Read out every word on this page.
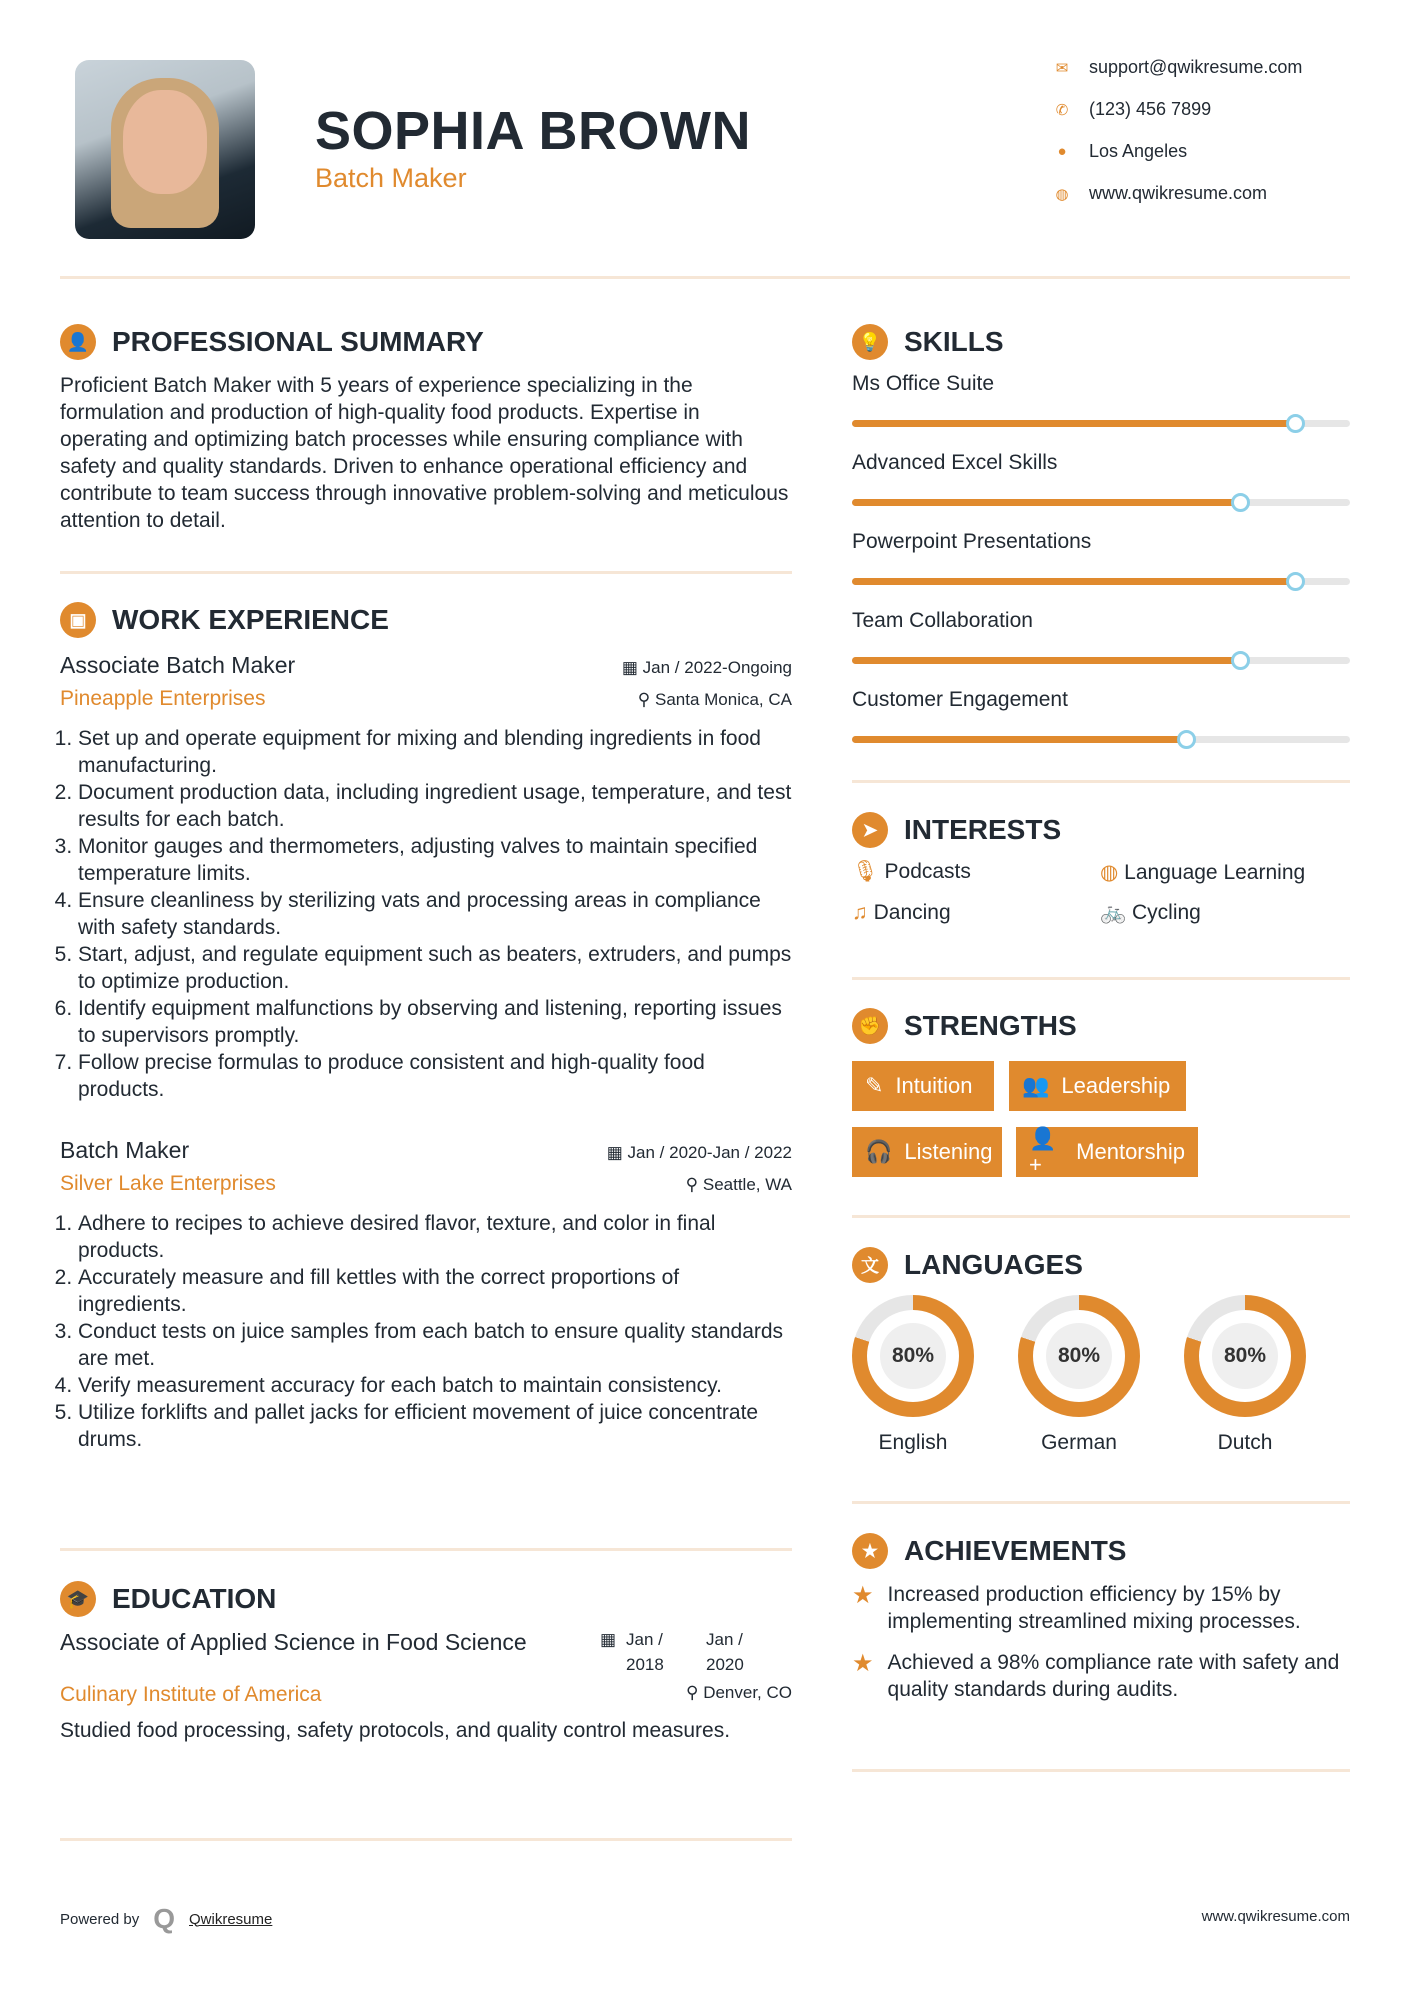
SOPHIA BROWN
Batch Maker
✉ support@qwikresume.com
✆ (123) 456 7899
● Los Angeles
◍ www.qwikresume.com
👤 PROFESSIONAL SUMMARY

Proficient Batch Maker with 5 years of experience specializing in the formulation and production of high-quality food products. Expertise in operating and optimizing batch processes while ensuring compliance with safety and quality standards. Driven to enhance operational efficiency and contribute to team success through innovative problem-solving and meticulous attention to detail.

▣ WORK EXPERIENCE
Associate Batch Maker	▦ Jan / 2022-Ongoing
Pineapple Enterprises	⚲ Santa Monica, CA
1. Set up and operate equipment for mixing and blending ingredients in food manufacturing.
2. Document production data, including ingredient usage, temperature, and test results for each batch.
3. Monitor gauges and thermometers, adjusting valves to maintain specified temperature limits.
4. Ensure cleanliness by sterilizing vats and processing areas in compliance with safety standards.
5. Start, adjust, and regulate equipment such as beaters, extruders, and pumps to optimize production.
6. Identify equipment malfunctions by observing and listening, reporting issues to supervisors promptly.
7. Follow precise formulas to produce consistent and high-quality food products.
Batch Maker	▦ Jan / 2020-Jan / 2022
Silver Lake Enterprises	⚲ Seattle, WA
1. Adhere to recipes to achieve desired flavor, texture, and color in final products.
2. Accurately measure and fill kettles with the correct proportions of ingredients.
3. Conduct tests on juice samples from each batch to ensure quality standards are met.
4. Verify measurement accuracy for each batch to maintain consistency.
5. Utilize forklifts and pallet jacks for efficient movement of juice concentrate drums.
🎓 EDUCATION
Associate of Applied Science in Food Science	▦ Jan / 2018
Jan / 2020
Culinary Institute of America	⚲ Denver, CO

Studied food processing, safety protocols, and quality control measures.

💡 SKILLS
Ms Office Suite
Advanced Excel Skills
Powerpoint Presentations
Team Collaboration
Customer Engagement
➤ INTERESTS
🎙 Podcasts	◍ Language Learning
♫ Dancing	🚲 Cycling
✊ STRENGTHS
✎ Intuition 👥 Leadership
🎧 Listening
👤+
Mentorship
文 LANGUAGES
80%
English
80%
German
80%
Dutch
★ ACHIEVEMENTS
★ Increased production efficiency by 15% by implementing streamlined mixing processes.

★ Achieved a 98% compliance rate with safety and quality standards during audits.

Powered by Q Qwikresume	www.qwikresume.com
